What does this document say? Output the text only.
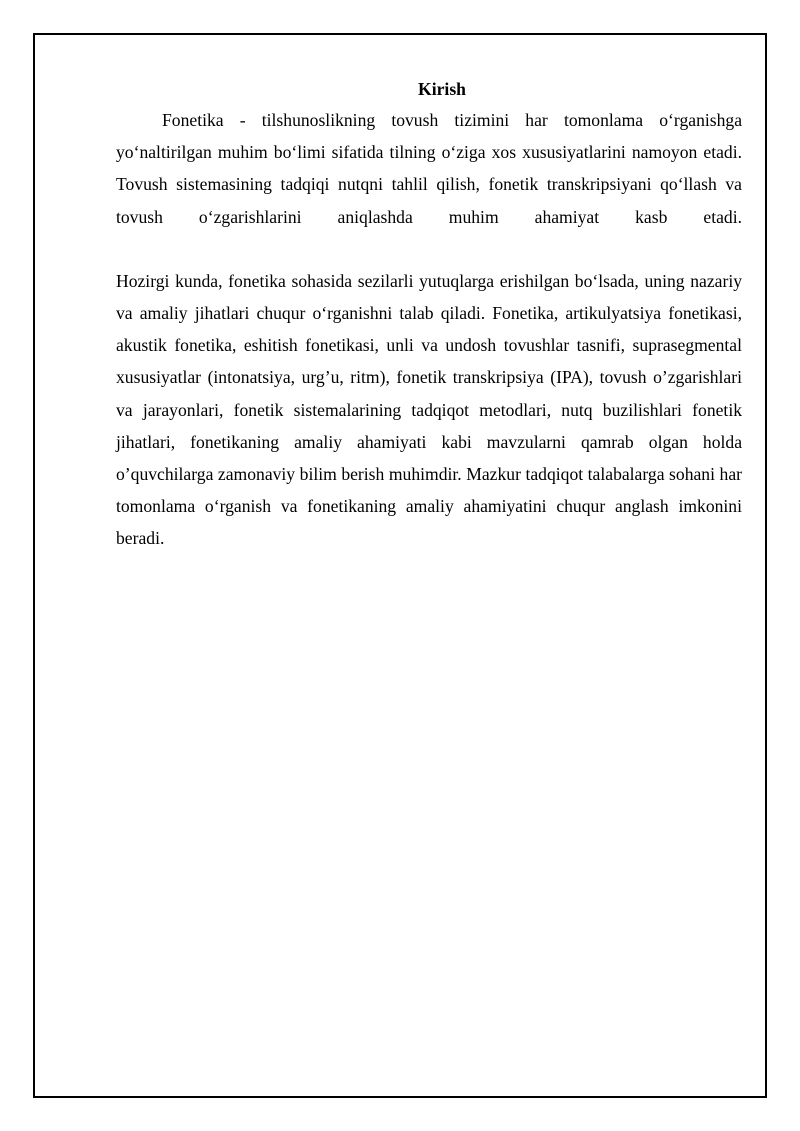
Kirish

Fonetika - tilshunoslikning tovush tizimini har tomonlama o‘rganishga yo‘naltirilgan muhim bo‘limi sifatida tilning o‘ziga xos xususiyatlarini namoyon etadi. Tovush sistemasining tadqiqi nutqni tahlil qilish, fonetik transkripsiyani qo‘llash va tovush o‘zgarishlarini aniqlashda muhim ahamiyat kasb etadi.

Hozirgi kunda, fonetika sohasida sezilarli yutuqlarga erishilgan bo‘lsada, uning nazariy va amaliy jihatlari chuqur o‘rganishni talab qiladi. Fonetika, artikulyatsiya fonetikasi, akustik fonetika, eshitish fonetikasi, unli va undosh tovushlar tasnifi, suprasegmental xususiyatlar (intonatsiya, urg’u, ritm), fonetik transkripsiya (IPA), tovush o’zgarishlari va jarayonlari, fonetik sistemalarining tadqiqot metodlari, nutq buzilishlari fonetik jihatlari, fonetikaning amaliy ahamiyati kabi mavzularni qamrab olgan holda o’quvchilarga zamonaviy bilim berish muhimdir. Mazkur tadqiqot talabalarga sohani har tomonlama o‘rganish va fonetikaning amaliy ahamiyatini chuqur anglash imkonini beradi.
